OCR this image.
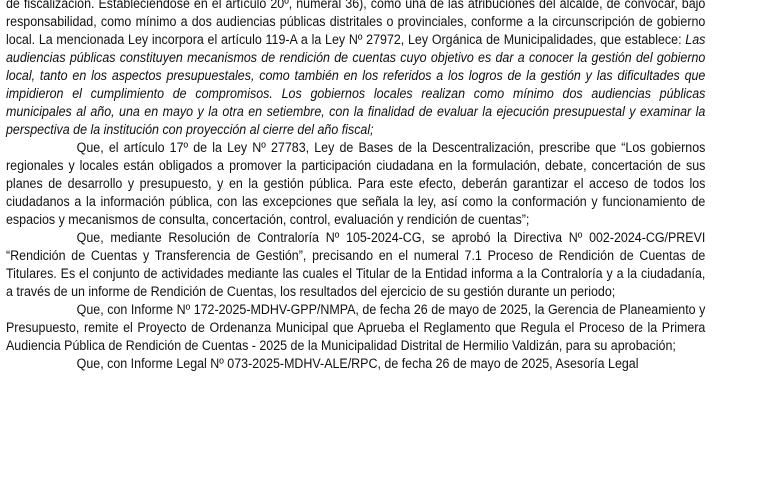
de fiscalización. Estableciéndose en el artículo 20º, numeral 36), como una de las atribuciones del alcalde, de convocar, bajo responsabilidad, como mínimo a dos audiencias públicas distritales o provinciales, conforme a la circunscripción de gobierno local. La mencionada Ley incorpora el artículo 119-A a la Ley Nº 27972, Ley Orgánica de Municipalidades, que establece: Las audiencias públicas constituyen mecanismos de rendición de cuentas cuyo objetivo es dar a conocer la gestión del gobierno local, tanto en los aspectos presupuestales, como también en los referidos a los logros de la gestión y las dificultades que impidieron el cumplimiento de compromisos. Los gobiernos locales realizan como mínimo dos audiencias públicas municipales al año, una en mayo y la otra en setiembre, con la finalidad de evaluar la ejecución presupuestal y examinar la perspectiva de la institución con proyección al cierre del año fiscal;

Que, el artículo 17º de la Ley Nº 27783, Ley de Bases de la Descentralización, prescribe que “Los gobiernos regionales y locales están obligados a promover la participación ciudadana en la formulación, debate, concertación de sus planes de desarrollo y presupuesto, y en la gestión pública. Para este efecto, deberán garantizar el acceso de todos los ciudadanos a la información pública, con las excepciones que señala la ley, así como la conformación y funcionamiento de espacios y mecanismos de consulta, concertación, control, evaluación y rendición de cuentas”;

Que, mediante Resolución de Contraloría Nº 105-2024-CG, se aprobó la Directiva Nº 002-2024-CG/PREVI “Rendición de Cuentas y Transferencia de Gestión”, precisando en el numeral 7.1 Proceso de Rendición de Cuentas de Titulares. Es el conjunto de actividades mediante las cuales el Titular de la Entidad informa a la Contraloría y a la ciudadanía, a través de un informe de Rendición de Cuentas, los resultados del ejercicio de su gestión durante un periodo;

Que, con Informe Nº 172-2025-MDHV-GPP/NMPA, de fecha 26 de mayo de 2025, la Gerencia de Planeamiento y Presupuesto, remite el Proyecto de Ordenanza Municipal que Aprueba el Reglamento que Regula el Proceso de la Primera Audiencia Pública de Rendición de Cuentas - 2025 de la Municipalidad Distrital de Hermilio Valdizán, para su aprobación;

Que, con Informe Legal Nº 073-2025-MDHV-ALE/RPC, de fecha 26 de mayo de 2025, Asesoría Legal
